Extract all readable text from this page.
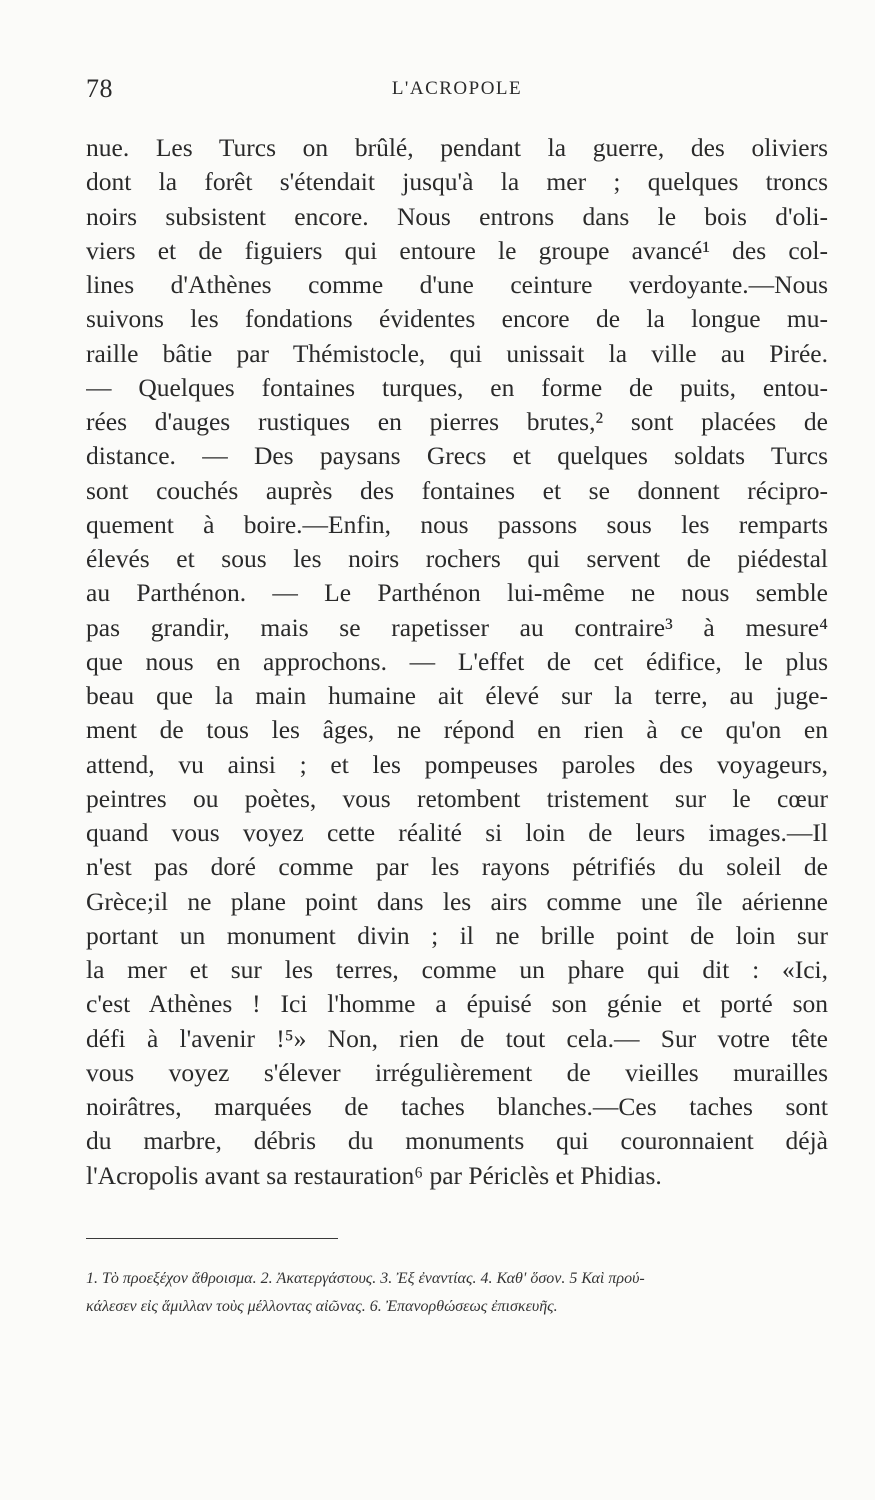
78	L'ACROPOLE
nue. Les Turcs on brûlé, pendant la guerre, des oliviers
dont la forêt s'étendait jusqu'à la mer ; quelques troncs
noirs subsistent encore. Nous entrons dans le bois d'oli-
viers et de figuiers qui entoure le groupe avancé¹ des col-
lines d'Athènes comme d'une ceinture verdoyante.—Nous
suivons les fondations évidentes encore de la longue mu-
raille bâtie par Thémistocle, qui unissait la ville au Pirée.
— Quelques fontaines turques, en forme de puits, entou-
rées d'auges rustiques en pierres brutes,² sont placées de
distance. — Des paysans Grecs et quelques soldats Turcs
sont couchés auprès des fontaines et se donnent récipro-
quement à boire.—Enfin, nous passons sous les remparts
élevés et sous les noirs rochers qui servent de piédestal
au Parthénon. — Le Parthénon lui-même ne nous semble
pas grandir, mais se rapetisser au contraire³ à mesure⁴
que nous en approchons. — L'effet de cet édifice, le plus
beau que la main humaine ait élevé sur la terre, au juge-
ment de tous les âges, ne répond en rien à ce qu'on en
attend, vu ainsi ; et les pompeuses paroles des voyageurs,
peintres ou poètes, vous retombent tristement sur le cœur
quand vous voyez cette réalité si loin de leurs images.—Il
n'est pas doré comme par les rayons pétrifiés du soleil de
Grèce;il ne plane point dans les airs comme une île aérienne
portant un monument divin ; il ne brille point de loin sur
la mer et sur les terres, comme un phare qui dit : «Ici,
c'est Athènes ! Ici l'homme a épuisé son génie et porté son
défi à l'avenir !⁵» Non, rien de tout cela.— Sur votre tête
vous voyez s'élever irrégulièrement de vieilles murailles
noirâtres, marquées de taches blanches.—Ces taches sont
du marbre, débris du monuments qui couronnaient déjà
l'Acropolis avant sa restauration⁶ par Périclès et Phidias.
1. Τὸ προεξέχον ἄθροισμα. 2. Ἀκατεργάστους. 3. Ἐξ ἐναντίας. 4. Καθ' ὅσον. 5 Καὶ πρού-
κάλεσεν εἰς ἅμιλλαν τοὺς μέλλοντας αἰῶνας. 6. Ἐπανορθώσεως ἐπισκευῆς.
